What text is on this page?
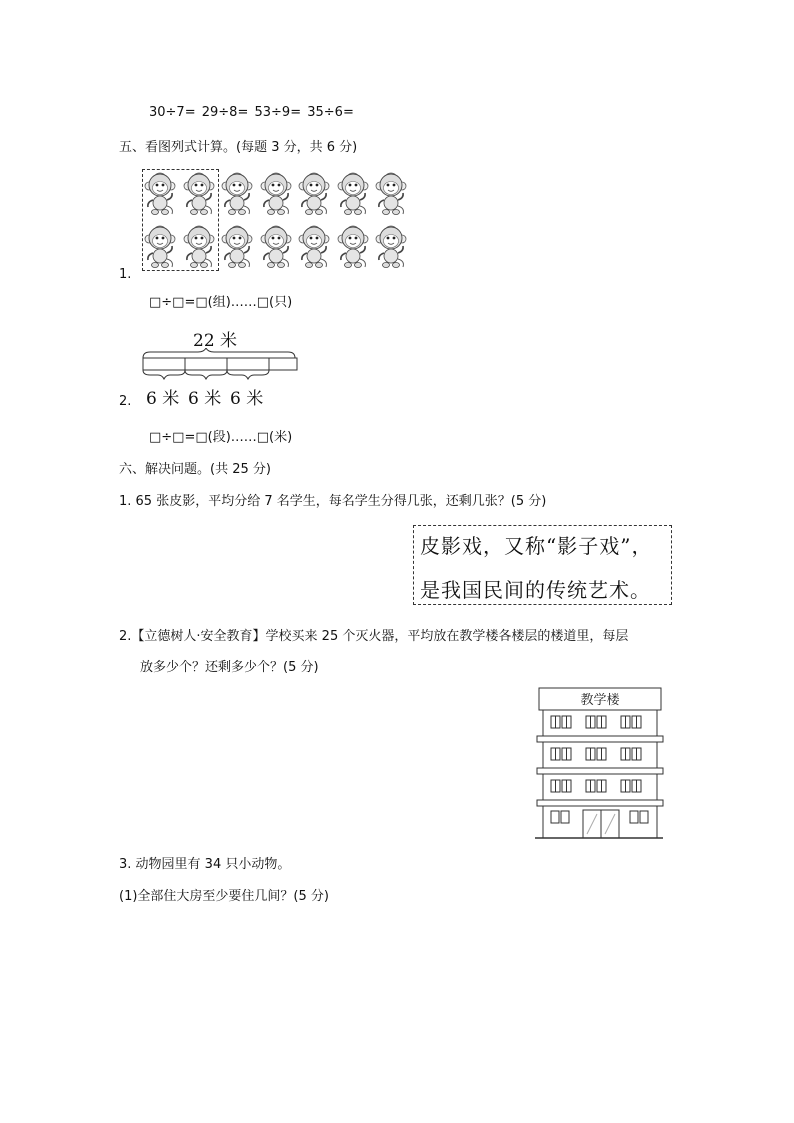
30÷7= 29÷8= 53÷9= 35÷6=
五、看图列式计算。(每题 3 分，共 6 分)
1.
□÷□=□(组)……□(只)
22 米
6 米 6 米 6 米
2.
□÷□=□(段)……□(米)
六、解决问题。(共 25 分)
1. 65 张皮影，平均分给 7 名学生，每名学生分得几张，还剩几张？(5 分)
皮影戏，又称“影子戏”，
是我国民间的传统艺术。
2.【立德树人·安全教育】学校买来 25 个灭火器，平均放在教学楼各楼层的楼道里，每层
放多少个？还剩多少个？(5 分)
教学楼
3. 动物园里有 34 只小动物。
(1)全部住大房至少要住几间？(5 分)
